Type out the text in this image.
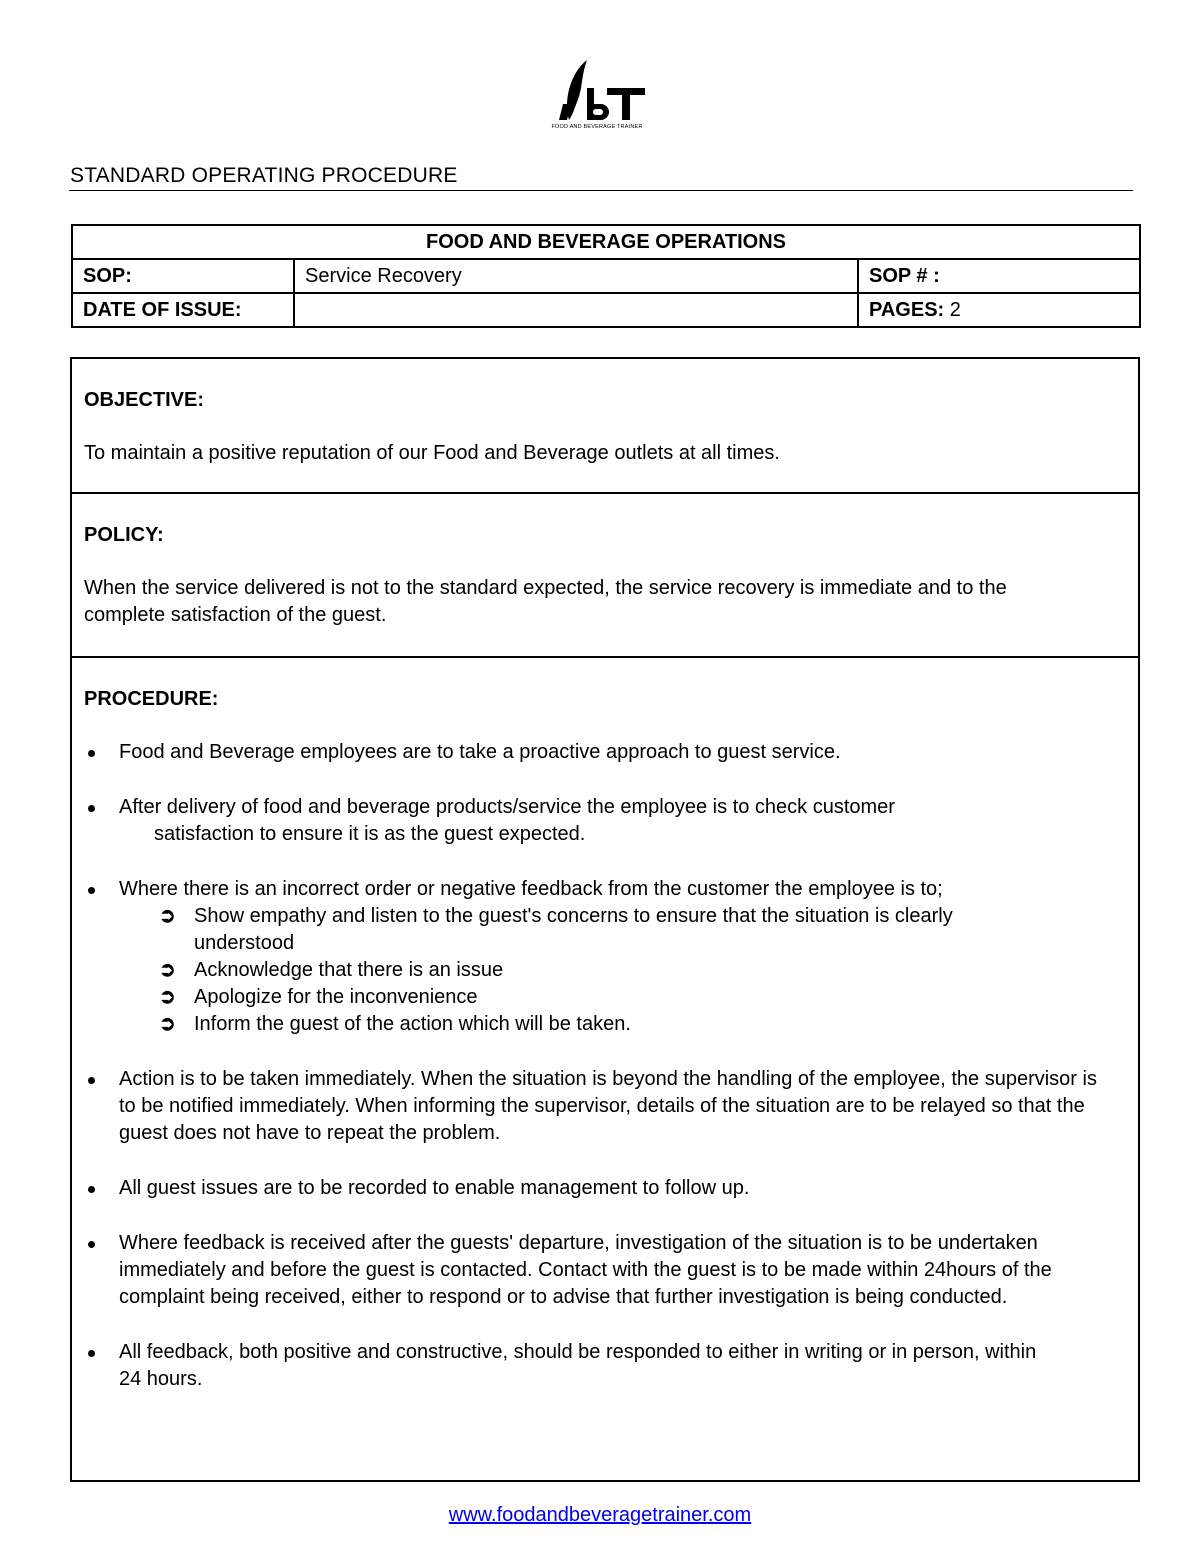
FOOD AND BEVERAGE TRAINER
STANDARD OPERATING PROCEDURE
FOOD AND BEVERAGE OPERATIONS		
SOP:	Service Recovery	SOP # :
DATE OF ISSUE:		PAGES: 2
OBJECTIVE:
To maintain a positive reputation of our Food and Beverage outlets at all times.
POLICY:
When the service delivered is not to the standard expected, the service recovery is immediate and to the complete satisfaction of the guest.
PROCEDURE:
Food and Beverage employees are to take a proactive approach to guest service.
After delivery of food and beverage products/service the employee is to check customer
satisfaction to ensure it is as the guest expected.
Where there is an incorrect order or negative feedback from the customer the employee is to;
➲ Show empathy and listen to the guest's concerns to ensure that the situation is clearly understood
➲ Acknowledge that there is an issue
➲ Apologize for the inconvenience
➲ Inform the guest of the action which will be taken.
Action is to be taken immediately. When the situation is beyond the handling of the employee, the supervisor is to be notified immediately. When informing the supervisor, details of the situation are to be relayed so that the guest does not have to repeat the problem.
All guest issues are to be recorded to enable management to follow up.
Where feedback is received after the guests' departure, investigation of the situation is to be undertaken immediately and before the guest is contacted. Contact with the guest is to be made within 24hours of the complaint being received, either to respond or to advise that further investigation is being conducted.
All feedback, both positive and constructive, should be responded to either in writing or in person, within 24 hours.
www.foodandbeveragetrainer.com
